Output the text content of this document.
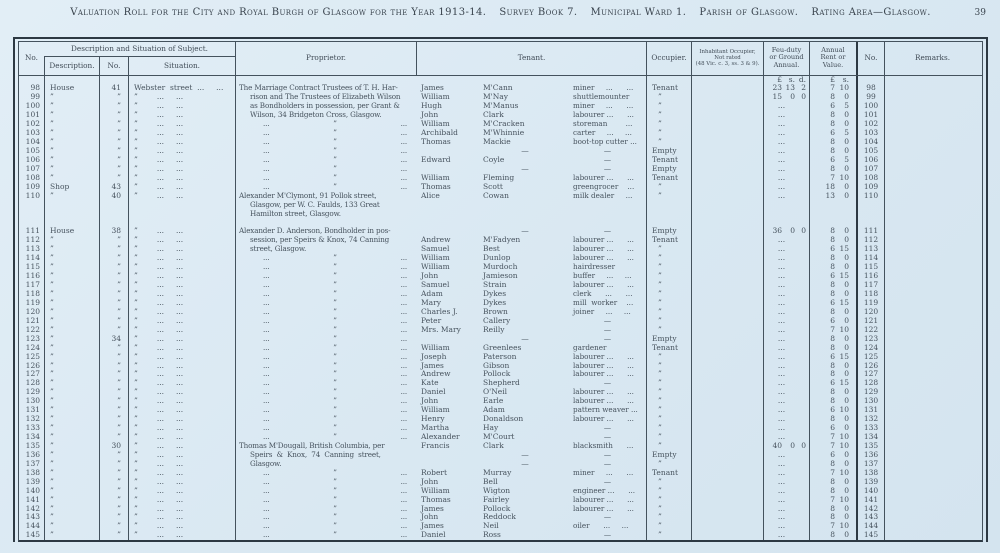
Valuation Roll for the City and Royal Burgh of Glasgow for the Year 1913-14. Survey Book 7. Municipal Ward 1. Parish of Glasgow. Rating Area—Glasgow.	39
No.
Description and Situation of Subject.
Description.	No.	Situation.
Proprietor.	Tenant.	Occupier.
Inhabitant Occupier,
Not rated
(48 Vic. c. 3, ss. 3 & 9).
Feu-duty
or Ground
Annual.
Annual
Rent or
Value.
No.	Remarks.
£ s. d.	£	s.
98	House	41	Webster  street  ...     ...	The Marriage Contract Trustees of T. H. Har-	James	M'Cann	miner     ...      ...	Tenant	23 13 2	7 10	98
99	”	”	”        ...     ...	rison and The Trustees of Elizabeth Wilson	William	M'Nay	shuttlemounter	”	15	0 0	8	0	99
100	”	”	”        ...     ...	as Bondholders in possession, per Grant &	Hugh	M'Manus	miner     ...      ...	”	...	6	5	100
101	”	”	”        ...     ...	Wilson, 34 Bridgeton Cross, Glasgow.	John	Clark	labourer ...      ...	”	...	8	0	101
102	”	”	”        ...     ...	...	”	...	William	M'Cracken	storeman        ...	”	...	8	0	102
103	”	”	”        ...     ...	...	”	...	Archibald	M'Whinnie	carter     ...     ...	”	...	6	5	103
104	”	”	”        ...     ...	...	”	...	Thomas	Mackie	boot-top cutter ...	”	...	8	0	104
105	”	”	”        ...     ...	...	”	...	—	—	Empty	...	8	0	105
106	”	”	”        ...     ...	...	”	...	Edward	Coyle	—	Tenant	...	6	5	106
107	”	”	”        ...     ...	...	”	...	—	—	Empty	...	8	0	107
108	”	”	”        ...     ...	...	”	...	William	Fleming	labourer ...      ...	Tenant	...	7 10	108
109	Shop	43	”        ...     ...	...	”	...	Thomas	Scott	greengrocer    ...	”	...	18	0	109
110	”	40	”        ...     ...	Alexander M'Clymont, 91 Pollok street,	Alice	Cowan	milk dealer     ...	”	...	13	0	110
Glasgow, per W. C. Faulds, 133 Great
Hamilton street, Glasgow.
111	House	38	”        ...     ...	Alexander D. Anderson, Bondholder in pos-	—	—	Empty	36	0 0	8	0	111
112	”	”	”        ...     ...	session, per Speirs & Knox, 74 Canning	Andrew	M'Fadyen	labourer ...      ...	Tenant	...	8	0	112
113	”	”	”        ...     ...	street, Glasgow.	Samuel	Best	labourer ...      ...	”	...	6 15	113
114	”	”	”        ...     ...	...	”	...	William	Dunlop	labourer ...      ...	”	...	8	0	114
115	”	”	”        ...     ...	...	”	...	William	Murdoch	hairdresser	”	...	8	0	115
116	”	”	”        ...     ...	...	”	...	John	Jamieson	buffer     ...     ...	”	...	6 15	116
117	”	”	”        ...     ...	...	”	...	Samuel	Strain	labourer ...      ...	”	...	8	0	117
118	”	”	”        ...     ...	...	”	...	Adam	Dykes	clerk      ...      ...	”	...	8	0	118
119	”	”	”        ...     ...	...	”	...	Mary	Dykes	mill  worker    ...	”	...	6 15	119
120	”	”	”        ...     ...	...	”	...	Charles J.	Brown	joiner     ...     ...	”	...	8	0	120
121	”	”	”        ...     ...	...	”	...	Peter	Callery	—	”	...	6	0	121
122	”	”	”        ...     ...	...	”	...	Mrs. Mary	Reilly	—	”	...	7 10	122
123	”	34	”        ...     ...	...	”	...	—	—	Empty	...	8	0	123
124	”	”	”        ...     ...	...	”	...	William	Greenlees	gardener	Tenant	...	8	0	124
125	”	”	”        ...     ...	...	”	...	Joseph	Paterson	labourer ...      ...	”	...	6 15	125
126	”	”	”        ...     ...	...	”	...	James	Gibson	labourer ...      ...	”	...	8	0	126
127	”	”	”        ...     ...	...	”	...	Andrew	Pollock	labourer ...      ...	”	...	8	0	127
128	”	”	”        ...     ...	...	”	...	Kate	Shepherd	—	”	...	6 15	128
129	”	”	”        ...     ...	...	”	...	Daniel	O'Neil	labourer ...      ...	”	...	8	0	129
130	”	”	”        ...     ...	...	”	...	John	Earle	labourer ...      ...	”	...	8	0	130
131	”	”	”        ...     ...	...	”	...	William	Adam	pattern weaver ...	”	...	6 10	131
132	”	”	”        ...     ...	...	”	...	Henry	Donaldson	labourer ...      ...	”	...	8	0	132
133	”	”	”        ...     ...	...	”	...	Martha	Hay	—	”	...	6	0	133
134	”	”	”        ...     ...	...	”	...	Alexander	M'Court	—	”	...	7 10	134
135	”	30	”        ...     ...	Thomas M'Dougall, British Columbia, per	Francis	Clark	blacksmith      ...	”	40	0 0	7 10	135
136	”	”	”        ...     ...	Speirs  &  Knox,  74  Canning  street,	—	—	Empty	...	6	0	136
137	”	”	”        ...     ...	Glasgow.	—	—	”	...	8	0	137
138	”	”	”        ...     ...	...	”	...	Robert	Murray	miner     ...      ...	Tenant	...	7 10	138
139	”	”	”        ...     ...	...	”	...	John	Bell	—	”	...	8	0	139
140	”	”	”        ...     ...	...	”	...	William	Wigton	engineer ...      ...	”	...	8	0	140
141	”	”	”        ...     ...	...	”	...	Thomas	Fairley	labourer ...      ...	”	...	7 10	141
142	”	”	”        ...     ...	...	”	...	James	Pollock	labourer ...      ...	”	...	8	0	142
143	”	”	”        ...     ...	...	”	...	John	Reddock	—	”	...	8	0	143
144	”	”	”        ...     ...	...	”	...	James	Neil	oiler      ...     ...	”	...	7 10	144
145	”	”	”        ...     ...	...	”	...	Daniel	Ross	—	”	...	8	0	145
